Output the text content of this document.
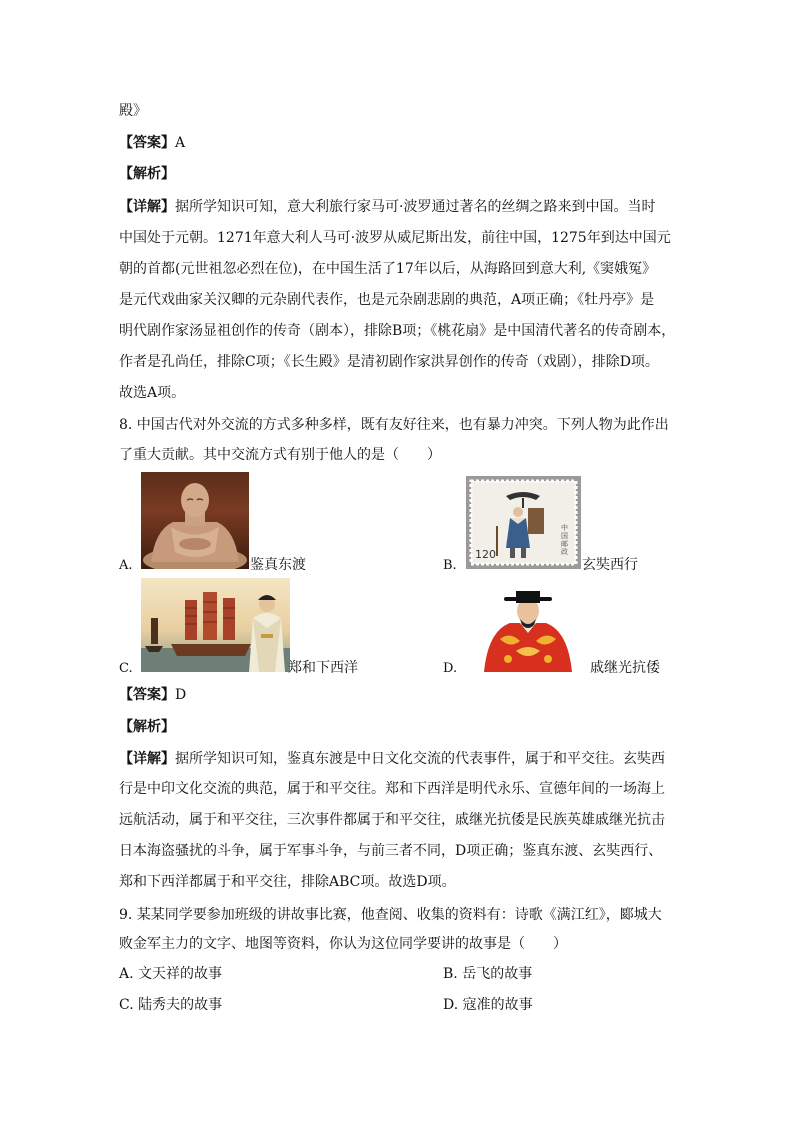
殿》
【答案】A
【解析】
【详解】据所学知识可知，意大利旅行家马可·波罗通过著名的丝绸之路来到中国。当时
中国处于元朝。1271年意大利人马可·波罗从威尼斯出发，前往中国，1275年到达中国元
朝的首都(元世祖忽必烈在位)，在中国生活了17年以后，从海路回到意大利,《窦娥冤》
是元代戏曲家关汉卿的元杂剧代表作，也是元杂剧悲剧的典范，A项正确；《牡丹亭》是
明代剧作家汤显祖创作的传奇（剧本），排除B项；《桃花扇》是中国清代著名的传奇剧本，
作者是孔尚任，排除C项；《长生殿》是清初剧作家洪昇创作的传奇（戏剧），排除D项。
故选A项。
8. 中国古代对外交流的方式多种多样，既有友好往来，也有暴力冲突。下列人物为此作出
了重大贡献。其中交流方式有别于他人的是（　　）
A.	鉴真东渡	B.
120
中国邮政
玄奘西行
C.	郑和下西洋	D.	戚继光抗倭
【答案】D
【解析】
【详解】据所学知识可知，鉴真东渡是中日文化交流的代表事件，属于和平交往。玄奘西
行是中印文化交流的典范，属于和平交往。郑和下西洋是明代永乐、宣德年间的一场海上
远航活动，属于和平交往，三次事件都属于和平交往，戚继光抗倭是民族英雄戚继光抗击
日本海盗骚扰的斗争，属于军事斗争，与前三者不同，D项正确；鉴真东渡、玄奘西行、
郑和下西洋都属于和平交往，排除ABC项。故选D项。
9. 某某同学要参加班级的讲故事比赛，他查阅、收集的资料有：诗歌《满江红》，郾城大
败金军主力的文字、地图等资料，你认为这位同学要讲的故事是（　　）
A. 文天祥的故事	B. 岳飞的故事
C. 陆秀夫的故事	D. 寇准的故事
